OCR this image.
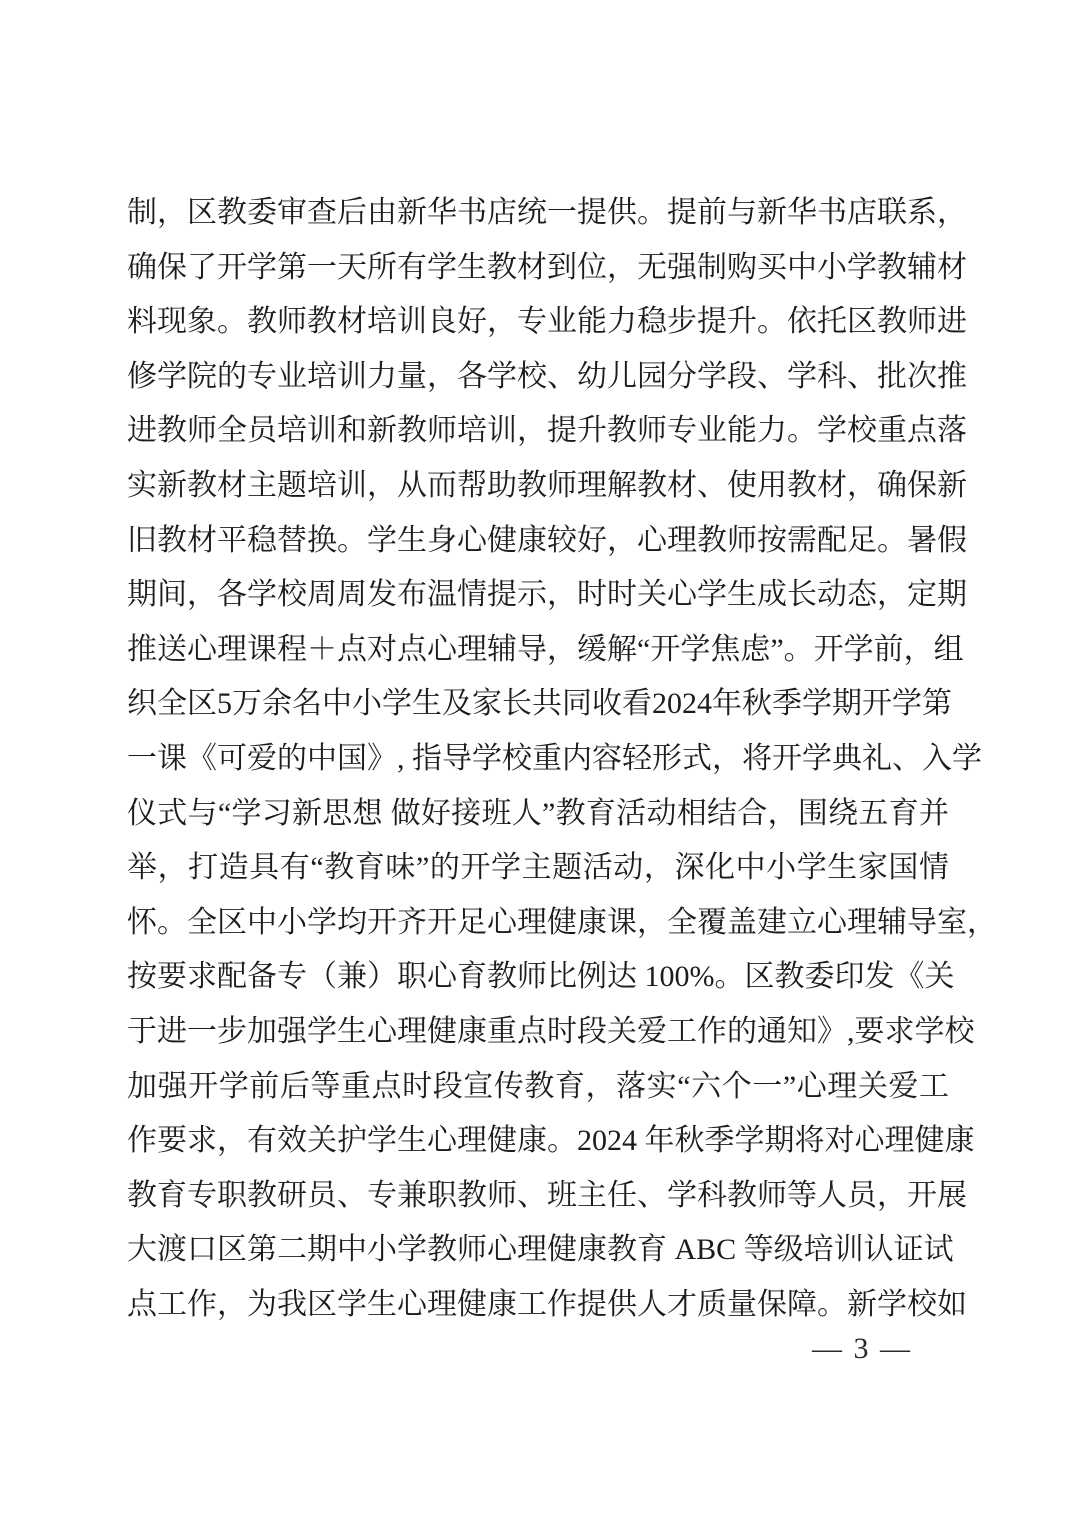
制，区教委审查后由新华书店统一提供。提前与新华书店联系，
确保了开学第一天所有学生教材到位，无强制购买中小学教辅材
料现象。教师教材培训良好，专业能力稳步提升。依托区教师进
修学院的专业培训力量，各学校、幼儿园分学段、学科、批次推
进教师全员培训和新教师培训，提升教师专业能力。学校重点落
实新教材主题培训，从而帮助教师理解教材、使用教材，确保新
旧教材平稳替换。学生身心健康较好，心理教师按需配足。暑假
期间，各学校周周发布温情提示，时时关心学生成长动态，定期
推送心理课程＋点对点心理辅导，缓解“开学焦虑”。开学前，组
织全区5万余名中小学生及家长共同收看2024年秋季学期开学第
一课《可爱的中国》, 指导学校重内容轻形式，将开学典礼、入学
仪式与“学习新思想 做好接班人”教育活动相结合，围绕五育并
举，打造具有“教育味”的开学主题活动，深化中小学生家国情
怀。全区中小学均开齐开足心理健康课，全覆盖建立心理辅导室，
按要求配备专（兼）职心育教师比例达 100%。区教委印发《关
于进一步加强学生心理健康重点时段关爱工作的通知》,要求学校
加强开学前后等重点时段宣传教育，落实“六个一”心理关爱工
作要求，有效关护学生心理健康。2024 年秋季学期将对心理健康
教育专职教研员、专兼职教师、班主任、学科教师等人员，开展
大渡口区第二期中小学教师心理健康教育 ABC 等级培训认证试
点工作，为我区学生心理健康工作提供人才质量保障。新学校如
— 3 —
